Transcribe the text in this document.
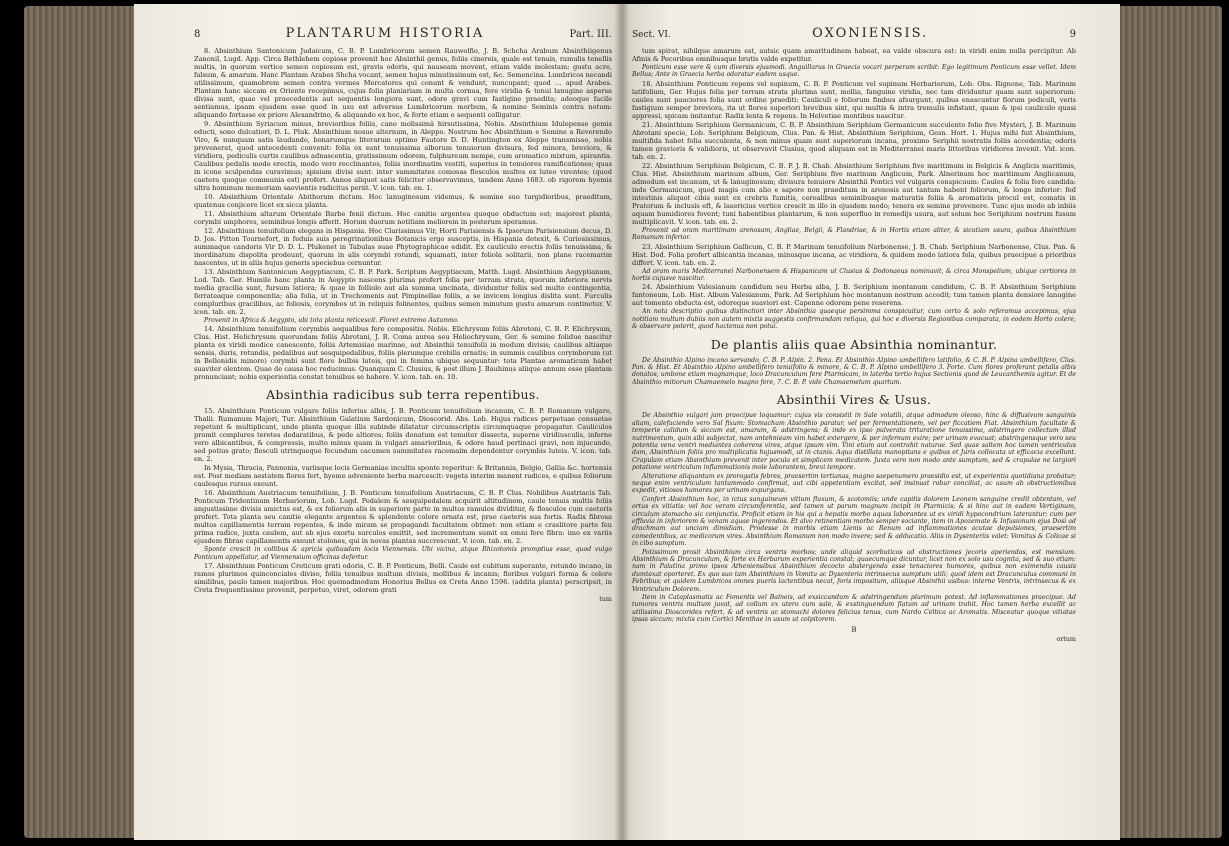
8	PLANTARUM HISTORIA	Part. III.

8. Absinthium Santonicum Judaicum, C. B. P. Lumbricorum semen Rauwolfio, J. B. Schcha Arabum Absinthiigenus Zanoniî, Lugd. App. Circa Bethlehem copiose provenit hoc Absinthii genus, foliis cinereis, quale est tenuis, ramulis tenellis multis, in quorum vertice semen copiosum est, gravis odoris, qui nauseam movent, etiam valde molestam; gustu acre, falsum, & amarum. Hanc Plantam Arabes Shcha vocant, semen hujus minutissimum est, &c. Semencina. Lumbricos necandi utilissimum, quamobrem semen contra vermes Mercatores qui conunt & vendunt, nuncupant; quod … apud Arabes. Plantam hanc siccam ex Oriente recepimus, cujus folia planiariam in multa cornua, fere viridia & tenui lanugine aspersa divisa sunt, quae vel praecedentis aut sequentis longiora sunt, odore gravi cum fastigine praedita; adeoque facile sentiamus, ipsam ejusdem esse quod in usu est adversus Lumbricorum morbum, & nomine Seminis contra notum: aliquando fortasse ex priore Alexandrino, & aliquando ex hoc, & forte etiam e sequenti colligatur.

9. Absinthium Syriacum minus, brevioribus foliis, cano molissimâ hirsutissima, Nobis. Absinthium Idulepense gemis educti, sono dulcatiori, D. L. Pluk. Absinthium nosue alternum, in Aleppo. Nostrum hoc Absinthium e Semine a Reverendo Viro, & nunquam satis laudando, bonarumque literarum optimo Fautore D. D. Huntington ex Aleppo transmisso, nobis provenerat, quod antecedenti convenit: folia ex sunt tenuissima alborum tenuiorum divisura, fed minora, breviora, & viridiora, pediculis curtis caulibus adnascentia, gratissimum odorem, fulphureum nempe, cum aromatico mixtum, spirantia. Caulibus pedalis modo erectis, modo vero recclinantes, foliis inordinatim vestiti, superius in tenuiores ramificationes; quas in icone sculpendas curavimus; spisium divisi sunt: inter summitates comosas flosculos multos ex luteo virentes; (quod caetera quoque communia est) profert. Annos aliquot satis feliciter observavimus, tandem Anno 1683. ob rigorem hyemis ultra hominum memoriam saevientis radicitus periit. V. icon. tab. en. 1.

10. Absinthium Orientale Abithorum dictum. Hoc lanuginosum videmus, & semine suo turgidioribus, praeditum, quatenus conjicere licet ex sicca planta.

11. Absinthium altarum Orientale Barbe fenii dictum. Hoc canitie argentea quoque obductum est; majorest planta, corymbi umphores, seminibus longis afferit. Horum duorum notitiam meliorem in posterum speramus.

12. Absinthium tenuifolium elegans in Hispania. Hoc Clarissimus Vir, Horti Parisiensis & Ipsorum Parisiensium decus, D. D. Jos. Pitton Tournefort, in feduis suis peregrinationibus Botanicis ergo susceptis, in Hispania detexit, & Curiosissimus, summaque candoris Vir D. D. L. Plukenet in Tabulas suae Phytographicae edidit. Ex cauliculo erectis foliis tenuissima, & inordinatum dispolita prodeunt, quorum in alis corymbi rotundi, squamati, inter foliola solitarii, non plane racemarim nascentes, ut in aliis hujus generis speciebus cernuntur.

13. Absinthium Santonicum Aegyptiacum, C. B. P. Park. Scriptum Aegyptiacum, Matth. Lugd. Absinthium Aegyptianum, Lod. Tab. Ger. Humile hanc planta in Aegypto nascens plurima profert folia per terram strata, quorum inferiora nervis media gracilia sunt, fursum latiora; & quae in folliolo aut ala summa uncinata, dividuntur foliis sed multo contingentia, ferrateaque componentia; alia folia, ut in Trechomenis aut Pimpinellae foliis, a se invicem longius dislita sunt. Furculis compluribus gracilibus, ac foliosis, corymbos ut in reliquis folinentes, quibus semen minutum gustu amarum continetur. V. icon. tab. en. 2.

Provenit in Africa & Aegypto, ubi tota planta reticescit. Floret extremo Autumno.

14. Absinthium tenuifolium corymbis aequalibus fere compositis. Nobis. Elichrysum foliis Abrotoni, C. B. P. Elichrysum, Clus. Hist. Helichrysum quorundam foliis Abrotani, J. B. Coma aurea seu Heliochrysum, Ger. & semine folidue nascitur planta ex viridi modice canescente, foliis Artemisiae marinae, aut Absinthii tenuifolii in modum divisis; caulibus altiaque sensis, duris, rotundis, pedalibus aut sesquipedalibus, foliis plerumque crebilis ornatis; in summis caulibus corymborum (ut in Bellonidis minore) corymbi sunt flore bulbis luteis, qui in femina ubique sequuntur: tota Plantae aromaticum habet suaviter olentem. Quae de causa hoc reducimus. Quanquam C. Clusius, & post illum J. Bauhinus aliique annum esse plantam pronunciant; nobis experientia constat tenuibus se habere. V. icon. tab. en. 10.

Absinthia radicibus sub terra repentibus.

15. Absinthium Ponticum vulgare foliis inferius albis, J. B. Ponticum tenuifolium incanum, C. B. P. Romanum vulgare, Thalii. Rumanum Majori, Tur. Absinthium Galatium Sardonicum, Dioscorid. Abs. Lob. Hujus radices perpetuae consuetae repetunt & multiplicant, unde planta quoque illis subinde dilatatur circumscriptis circumquaque propagatur. Cauliculos promit complures teretes dedaratibus, & pede altiores; foliis donatum est tenuiter dissecta, superne viridiusculis, inferne vero albicantibus, & compressis, multo minus quam in vulgari amarioribus, & odore haud pertinaci gravi, non injucundo, sed potius grato; flosculi utrinqueque fecundum cacumen summitates racemaim dependentur corymbis luteis. V. icon. tab. en. 2.

In Mysia, Thracia, Pannonia, variisque locis Germaniae incultis sponte reperitur: & Britannia, Belgio, Gallia &c. hortensis est. Post mediam aestatem flores fert, hyeme adveniente herba marcescit: vegeta interim manent radices, e quibus foliorum caulesque rursus exeunt.

16. Absinthium Austriacum tenuifolium, J. B. Ponticum tenuifolium Austriacum, C. B. P. Clus. Nobilibus Austriacis Tab. Ponticum Tridentinum Herbariorum, Lob. Lugd. Pedalem & sesquipedalem acquirit altitudinem, caule tenuis multis foliis angustissime divisis amictus est, & ex foliorum alis in superiore parte in multos ramulos dividitur, & flosculos cum caeteris profert. Tota planta seu canitie elegante argentea & splendente colore ornata est, prae caeteris sua fortis. Radix fibrosa multos capillamentis terram repentes, & inde miram se propagandi facultatem obtinet: non etiam e craslitore parte feu prima radice, juxta caulem, aut ab ejus exortu surculos emittit, sed incrementum sumit ex omni fere fibra: imo ex variis ejusdem fibrae capillamentis exeunt stolones, qui in novas plantas succrescunt. V. icon. tab. en. 2.

Sponte crescit in collibus & apricis quibusdam locis Viennensis. Ubi vicina, atque Rhizotomis promptius esse, quod vulgo Ponticum appellatur, ad Viennensium officinas defertur.

17. Absinthium Ponticum Creticum grati odoris, C. B. P. Ponticum, Belli. Caule est cubitum superante, rotundo incano, in ramos plurimos quinconciales diviso, foliis tenuibus multum divisis, mollibus & incanis; floribus vulgari forma & colore similibus, paulo tamen majoribus. Hoc quemadmodum Honorius Bellus ex Creta Anno 1596. (addita planta) perscripsit, in Creta frequentissime provenit, perpetuo, viret, odorem grati

tum
Sect. VI.	OXONIENSIS.	9

tum spirat, nihilque amarum est, autsic quam amaritudinem habeat, ea valde obscura est: in viridi enim nulla percipitur. Ab Afinis & Pecoribus omnibusque brutis valde expetitur.

Ponticum esse vere & cum diversis ejusmodi. Anguillarus in Graecia vocari perperam scribit: Ego legitimum Ponticum esse vellet. Idem Bellus; Ante in Graecia herba odoratur eadem usque.

18. Absinthium Ponticum repens vel supinum, C. B. P. Ponticum vel supinum Herbariorum, Lob. Obs. Rignone, Tab. Marinum latifolium, Ger. Hujus folia per terram strata plurima sunt, mollia, fanguine viridia, nec tam dividuntur quam sunt superiorum: caules sunt pauciores folia sunt ordine praediti: Cauliculi e foliorum fimbus afsurgunt, quibus enascuntur florum pediculi, veris fastigium semper breviora, ita ut flores superiori brevibus sint, qui multis & intra tremulis infistant, quam & ipsi cauliculo quasi appressi, spicam imitantur. Radix lenta & repens. In Helvetiae montibus nascitur.

21. Absinthium Seriphium Germanicum, C. B. P. Absinthium Seriphium Germanicum succulento folio five Mysteri, J. B. Marinum Abrotani specie, Lob. Seriphium Belgicum, Clus. Pan. & Hist. Absinthium Seriphium, Gesn. Hort. 1. Hujus mihi fuit Absinthium, multifida habet folia succulenta, & non minus quam sunt superiorum incana, proximo Seriphii nostratis foliis accedentia; odoris tamen gravioris & validioris, ut observavit Clusius, quod aliquam est in Mediterranei maris littoribus viridiores invenit. Vid. icon. tab. en. 2.

22. Absinthium Seriphium Belgicum, C. B. P. J. B. Chab. Absinthium Seriphium five maritimum in Belgicis & Anglicis maritimis, Clus. Hist. Absinthium marinum album, Ger. Seriphium five marinum Anglicum, Park. Alnerinum hoc maritimum Anglicanum, admodum est incanum, ut & lanuginosum; divisura tenuiore Absinthii Pontici vel vulgaris conspicuum: Caules & folia fere candida: inde Germanicum, quod magis cum alio e sapore non praeditum in arenosis aut tantum habent foliorum, & longe inferior: fed intestinis aliquot cibis sunt ex crebris fumitis, cerealibus seminibusque maturatis foliis & aromaticis procul est, comatis in Pratorum & inclusis eft, & lasericius vertice crescit in illo in ejusdem modo; tenera ex semine provenere. Tunc ejus modo ab inbiis aquam humidiores fovent; tuni habentibus plantarum, & non superfluo in remedijs usura, aut solum hoc Seriphium nostrum fusum multiplicavit. V. icon. tab. en. 2.

Provenit ad oram maritimam arenosam, Angliae, Belgii, & Flandriae, & in Hortis etiam aliter, & sicutiam usura, quibus Absinthium Romanum inferior.

23. Absinthium Seriphium Gallicum, C. B. P. Marinum tenuifolium Narbonense, J. B. Chab. Seriphium Narbonense, Clus. Pan. & Hist. Dod. Folia profert albicantia incanas, minusque incana, ac viridiora, & quidem modo latiora fola, quibus praecipue a prioribus differt. V. icon. tab. en. 2.

Ad oram maris Mediterranei Narbonensem & Hispanicam ut Clusius & Dodonaeus nominavit, & circa Monspelium, ubique certiores in hortis cujusve nascitur.

24. Absinthium Valesianum candidum seu Herba alba, J. B. Seriphium montanum candidum, C. B. P. Absinthium Seriphium fantoneum, Lob. Hist. Album Valesianum, Park. Ad Seriphium hoc montanum nostrum accedit; tum tamen planta densiore lanugine aut tomento obducta est, odoreque suaviori est. Capenne odorem pene reserens.

An nota descriptio quibus distinctiori inter Absinthia quaeque persimma conspicuitur, cum certo & solo referamus accepimus, ejus notitiam multum dubiis non autem mixtis suggestis confirmandam reliquo, qui hoc e diversis Regionibus comparata, in eodem Horto colere, & observare poterit, quod hactenus non potui.

De plantis aliis quae Absinthia nominantur.

De Absinthio Alpino incano servando, C. B. P. Alpin. 2. Pena. Et Absinthio Alpino umbellifero latifolio, & C. B. P. Alpina umbellifero, Clus. Pan. & Hist. Et Absinthio Alpino umbellifero tenuifolio & minore, & C. B. P. Alpino umbellifero 3. Forte. Cum flores proferant petalis albis donatos, umbone etiam magnamque, loco Dracunculum fere Ptarmicam, in laterba tertio hujus Sectionis quod de Leucanthemis agitur. Et de Absinthio mitiorum Chamaemelo magno fere, 7. C. B. P. vide Chamaemelum quartum.

Absinthii Vires & Usus.

De Absinthio vulgari jam praecipue loquamur: cujus vis consistit in Sale volatili, atque admodum oleoso, hinc & diffusivum sanguinis aliam, calefaciendo vero Sal fixum: Stomachum Absinthio paratur, vel per fermentationem, vel per ficcatiem Fiat. Absinthium facultate & temperie calidum & siccum est, amarum, & adstringens; & inde ex ipso pulverata trituratione tenuissima, adstringere collectum illud nutrimentum, quin sibi subjectat, nam antehnieam vim habet extergere, & per infernum exire; per urinam evacuat; abstringensque vero seu potentia vena ventri mediantes coherens vires, atque ipsum vim. Vini etiam aut contrahit naturae. Sed quae saltem hoc tamen ventriculus dam, Absinthium foliis pro multiplicatis hujusmodi, ut in ctanis. Aqua distillata manopitans e quibus et Juris collocata ut efficacia excellunt. Crapulam etiam Absinthium prevenit inter pocula et simplicem medicatem. Juxta vero non modo ante sumptum, sed & crapulae ne largiori potatione ventriculum inflammationis mole laborantem, brevi tempore.

Alteratione aliquantum ex prorogatis febres, praesertim tertianas, magno saepenumero praesidio est, ut experientia quotidiana probatur; neque enim ventriculum tantummodo confirmat, aut cibi appetentiam excitat, sed insinuat robur conciliat, ac usum ab obstructionibus expedit, vitiosos humores per urinam expurgans.

Confert Absinthium hoc, in ictus sanguineum vitium fluxum, & scotomiis; unde capitis dolorem Leonem sanguine credit obtentam, vel ortus ex vitiatis: vel hoc veram circumferentia, sed tamen ut parum magnum incipit in Ptarmicis; & si hinc aut in eadem Vertiginum, circulum stomacho sic conjunctis. Proficit etiam in his qui a hepatis morbo aquas laborantes ut ex viridi hypocondrium laterantur; cum per effluvia in inferiorem & venam aquae ingerendos. Et alvo retinentiam morbo semper sociante, item in Apozemate & Infusionum ejus Dosi ad drachmam aut unciam dimidiam. Prodesse in morbis etiam Lienis ac Renum ad inflammationes acutae depulsiones, praesertim comedentibus, ac medicorum vires. Absinthium Romanum non modo invere; sed & adducatio. Aliis in Dysenteriis valet: Vomitus & Colicae si in cibo sumptum.

Potissimum prosit Absinthium circa ventris morbos; unde aliquid scorbuticos ad obstructiones jecoris aperiendas, est mensium. Absinthium & Dracunculum, & forte ex Herbarum experientia constat; quaecumque dicuntur, licet non ex solo usu cognita, sed & suo etiam: nam in Palatina primo ipsos Atheniensibus Absinthium decocto abstergenda esse tenaciores humores, quibus non eximendis causis dumtaxat oporteret. Ex quo suo tam Absinthium in Vomitu ac Dysenteria intrinsecus sumptum utili; quod idem est Dracunculus communi in Febribus; et quidem Lumbricos omnes pueris lactentibus necat, foris impositum, aliisque Absinthii usibus: interne Ventris, intrinsecus & ex Ventriculum Dolorem.

Item in Cataplasmatis ac Fomentis vel Balneis, ad exsiccandum & adstringendum plurimum potest. Ad inflammationes praecipue. Ad tumores ventris multum juvat, ad collum ex utero cum sale, & exstinguendum flatum ad urinam trahit. Hoc tamen herba excellit ac utilissima Dioscorides refert, & ad ventris ac stomachi dolores felicius tenus, cum Nardo Celtica ac Aromatis. Misceatur quoque vitiatae ipsas siccum; mixtis cum Cortici Menthae in usum ut colpitorem.

B
ortum
